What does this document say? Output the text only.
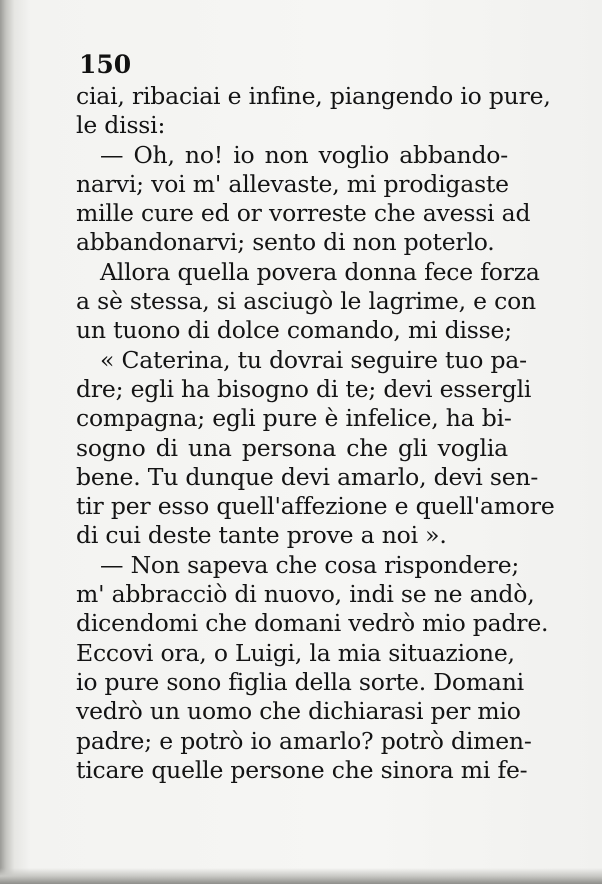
150
ciai, ribaciai e infine, piangendo io pure,
le dissi:
— Oh, no! io non voglio abbando-
narvi; voi m' allevaste, mi prodigaste
mille cure ed or vorreste che avessi ad
abbandonarvi; sento di non poterlo.
Allora quella povera donna fece forza
a sè stessa, si asciugò le lagrime, e con
un tuono di dolce comando, mi disse;
« Caterina, tu dovrai seguire tuo pa-
dre; egli ha bisogno di te; devi essergli
compagna; egli pure è infelice, ha bi-
sogno di una persona che gli voglia
bene. Tu dunque devi amarlo, devi sen-
tir per esso quell'affezione e quell'amore
di cui deste tante prove a noi ».
— Non sapeva che cosa rispondere;
m' abbracciò di nuovo, indi se ne andò,
dicendomi che domani vedrò mio padre.
Eccovi ora, o Luigi, la mia situazione,
io pure sono figlia della sorte. Domani
vedrò un uomo che dichiarasi per mio
padre; e potrò io amarlo? potrò dimen-
ticare quelle persone che sinora mi fe-
